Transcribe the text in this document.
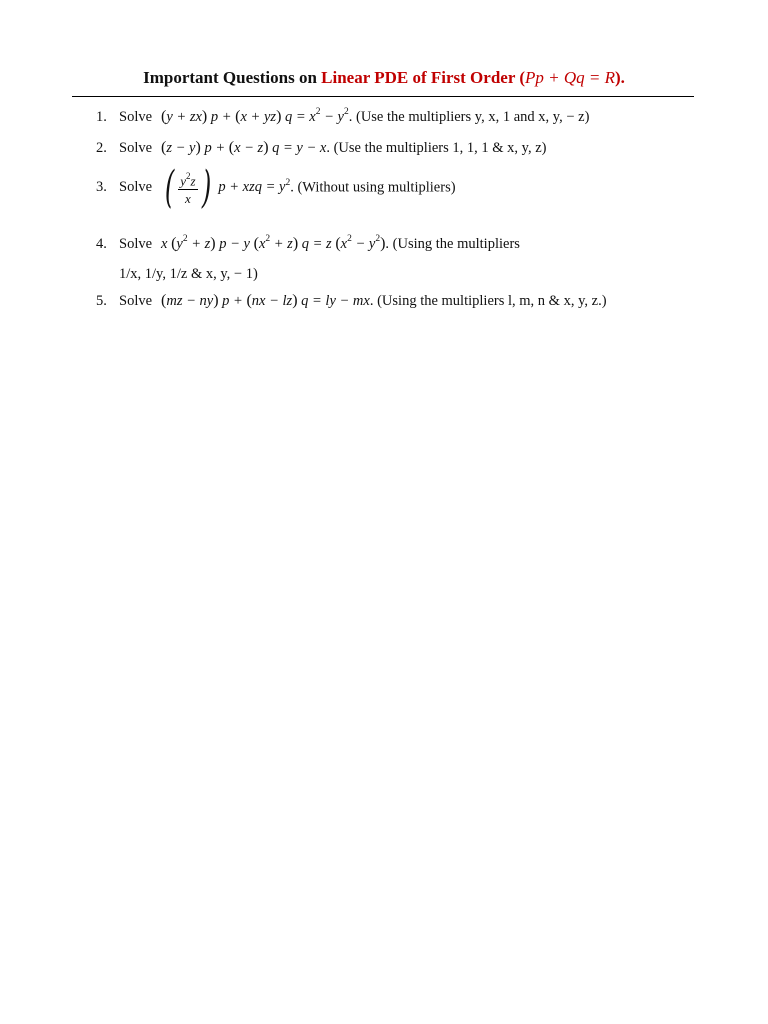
Important Questions on Linear PDE of First Order (Pp + Qq = R).
1. Solve (y + zx) p + (x + yz) $q = x^2 - y^2$. (Use the multipliers y, x, 1 and x, y, − z)
2. Solve (z − y) p + (x − z) q = y − x. (Use the multipliers 1, 1, 1 & x, y, z)
3. Solve ( $\frac{y^2z}{x}$ ) p + xzq = $y^2$. (Without using multipliers)
4. Solve x $(y^2 + z) p - y$ $(x^2 + z) q = z$ $(x^2 - y^2)$. (Using the multipliers
1/x, 1/y, 1/z & x, y, − 1)
5. Solve (mz − ny) p + (nx − lz) q = ly − mx. (Using the multipliers l, m, n & x, y, z.)
